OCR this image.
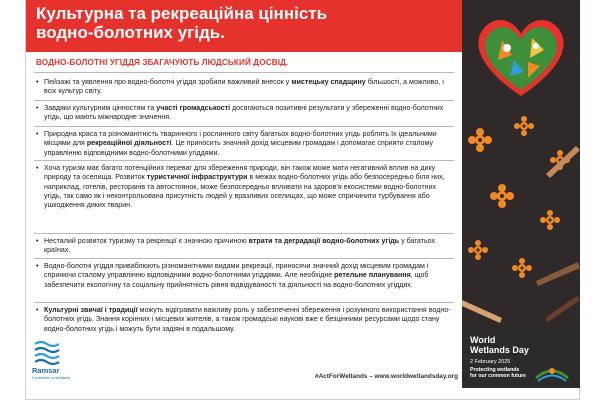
Культурна та рекреаційна цінність
водно-болотних угідь.
ВОДНО-БОЛОТНІ УГІДДЯ ЗБАГАЧУЮТЬ ЛЮДСЬКИЙ ДОСВІД.
• Пейзажі та уявлення про водно-болотні угіддя зробили важливий внесок у мистецьку спадщину більшості, а можливо, і всіх культур світу.
• Завдяки культурним цінностям та участі громадськості досягаються позитивні результати у збереженні водно-болотних угідь, що мають міжнародне значення.
• Природна краса та різноманітність тваринного і рослинного світу багатьох водно-болотних угідь роблять їх ідеальними місцями для рекреаційної діяльності. Це приносить значний дохід місцевим громадам і допомагає сприяти сталому управлінню відповідними водно-болотними угіддями.
• Хоча туризм має багато потенційних переваг для збереження природи, він також може мати негативний вплив на дику природу та оселища. Розвиток туристичної інфраструктури в межах водно-болотних угідь або безпосередньо біля них, наприклад, готелів, ресторанів та автостоянок, може безпосередньо впливати на здоров'я екосистеми водно-болотних угідь, так само як і неконтрольована присутність людей у вразливих оселищах, що може спричинити турбування або ушкодження диких тварин.
• Несталий розвиток туризму та рекреації є значною причиною втрати та деградації водно-болотних угідь у багатьох країнах.
• Водно-болотні угіддя приваблюють різноманітними видами рекреації, приносячи значний дохід місцевим громадам і сприяючи сталому управлінню відповідними водно-болотними угіддями. Але необхідне ретельне планування, щоб забезпечити екологічну та соціальну прийнятність рівня відвідуваності та діяльності на водно-болотних угіддях.
• Культурні звичаї і традиції можуть відігравати важливу роль у забезпеченні збереження і розумного використання водно-болотних угідь. Знання корінних і місцевих жителів, а також громадські наукові вже є безцінними ресурсами щодо стану водно-болотних угідь і можуть бути задіяні в подальшому.
Ramsar
Convention on Wetlands	#ActForWetlands – www.worldwetlandsday.org
World
Wetlands Day
2 February 2025
Protecting wetlands
for our common future
